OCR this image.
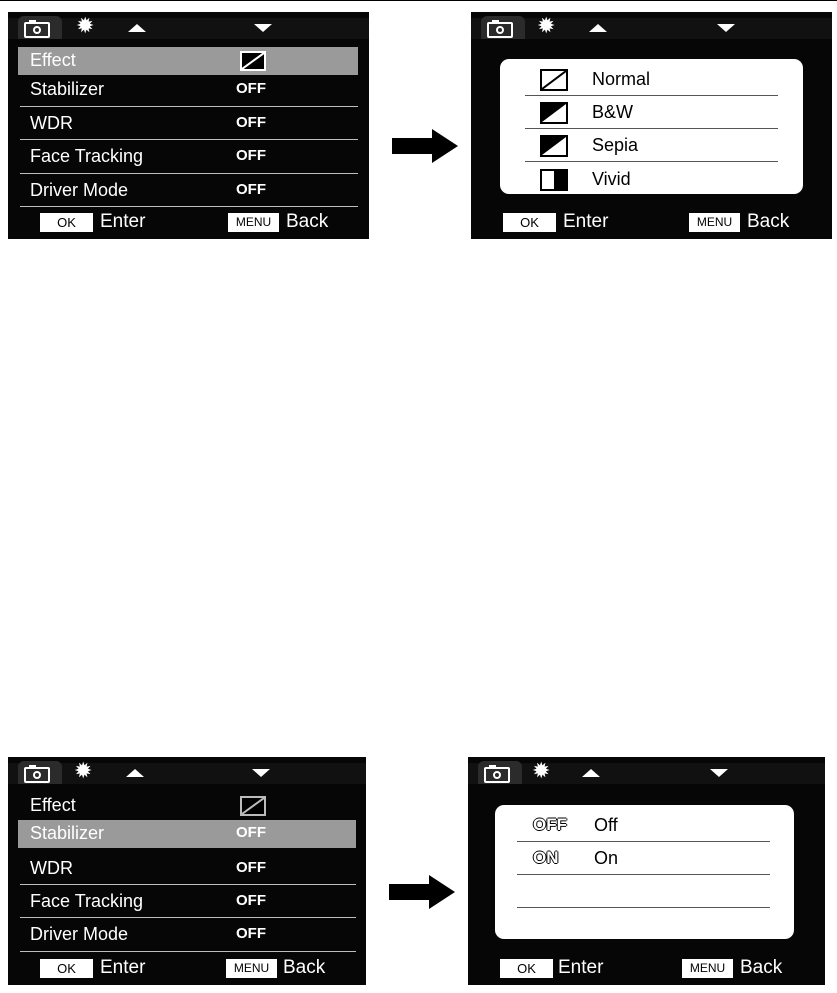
✹
Effect
Stabilizer	OFF
WDR	OFF
Face Tracking	OFF
Driver Mode	OFF
OK	Enter	MENU Back
✹
Normal
B&W
Sepia
Vivid
OK	Enter	MENU Back
✹
Effect
Stabilizer	OFF
WDR	OFF
Face Tracking	OFF
Driver Mode	OFF
OK	Enter	MENU Back
✹
OFF Off
ON On
OK	Enter	MENU Back
